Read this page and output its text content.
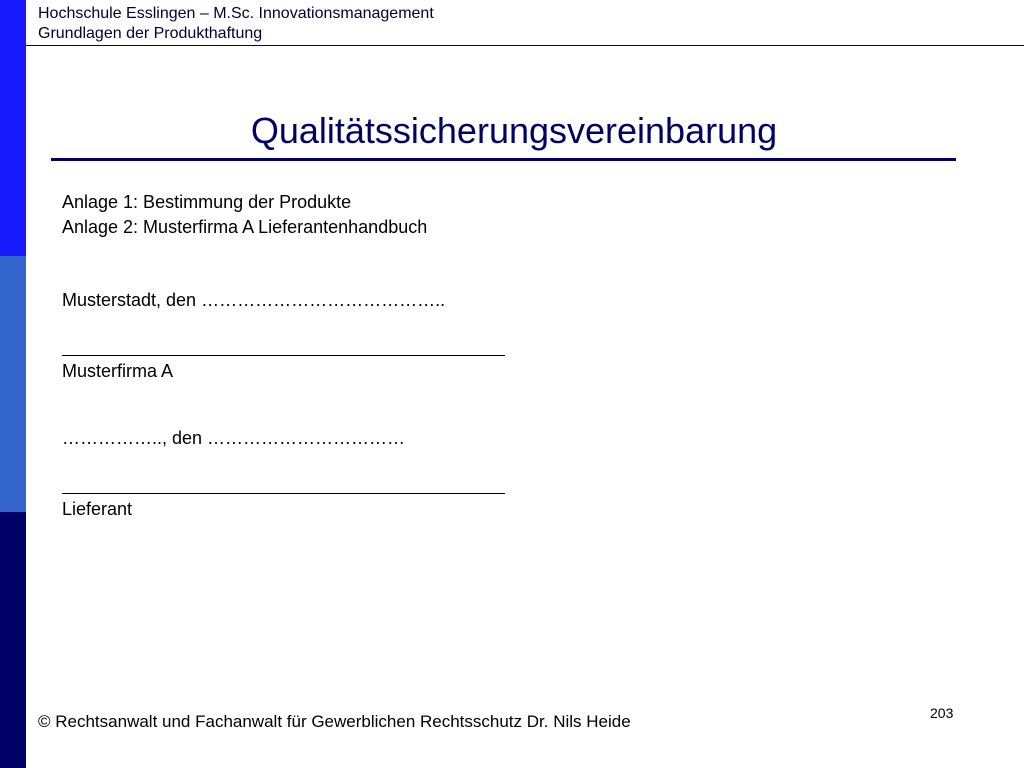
Hochschule Esslingen – M.Sc. Innovationsmanagement
Grundlagen der Produkthaftung
Qualitätssicherungsvereinbarung
Anlage 1: Bestimmung der Produkte
Anlage 2: Musterfirma A Lieferantenhandbuch
Musterstadt, den …………………………………..
Musterfirma A
…………….., den ……………………………
Lieferant
203
© Rechtsanwalt und Fachanwalt für Gewerblichen Rechtsschutz Dr. Nils Heide
